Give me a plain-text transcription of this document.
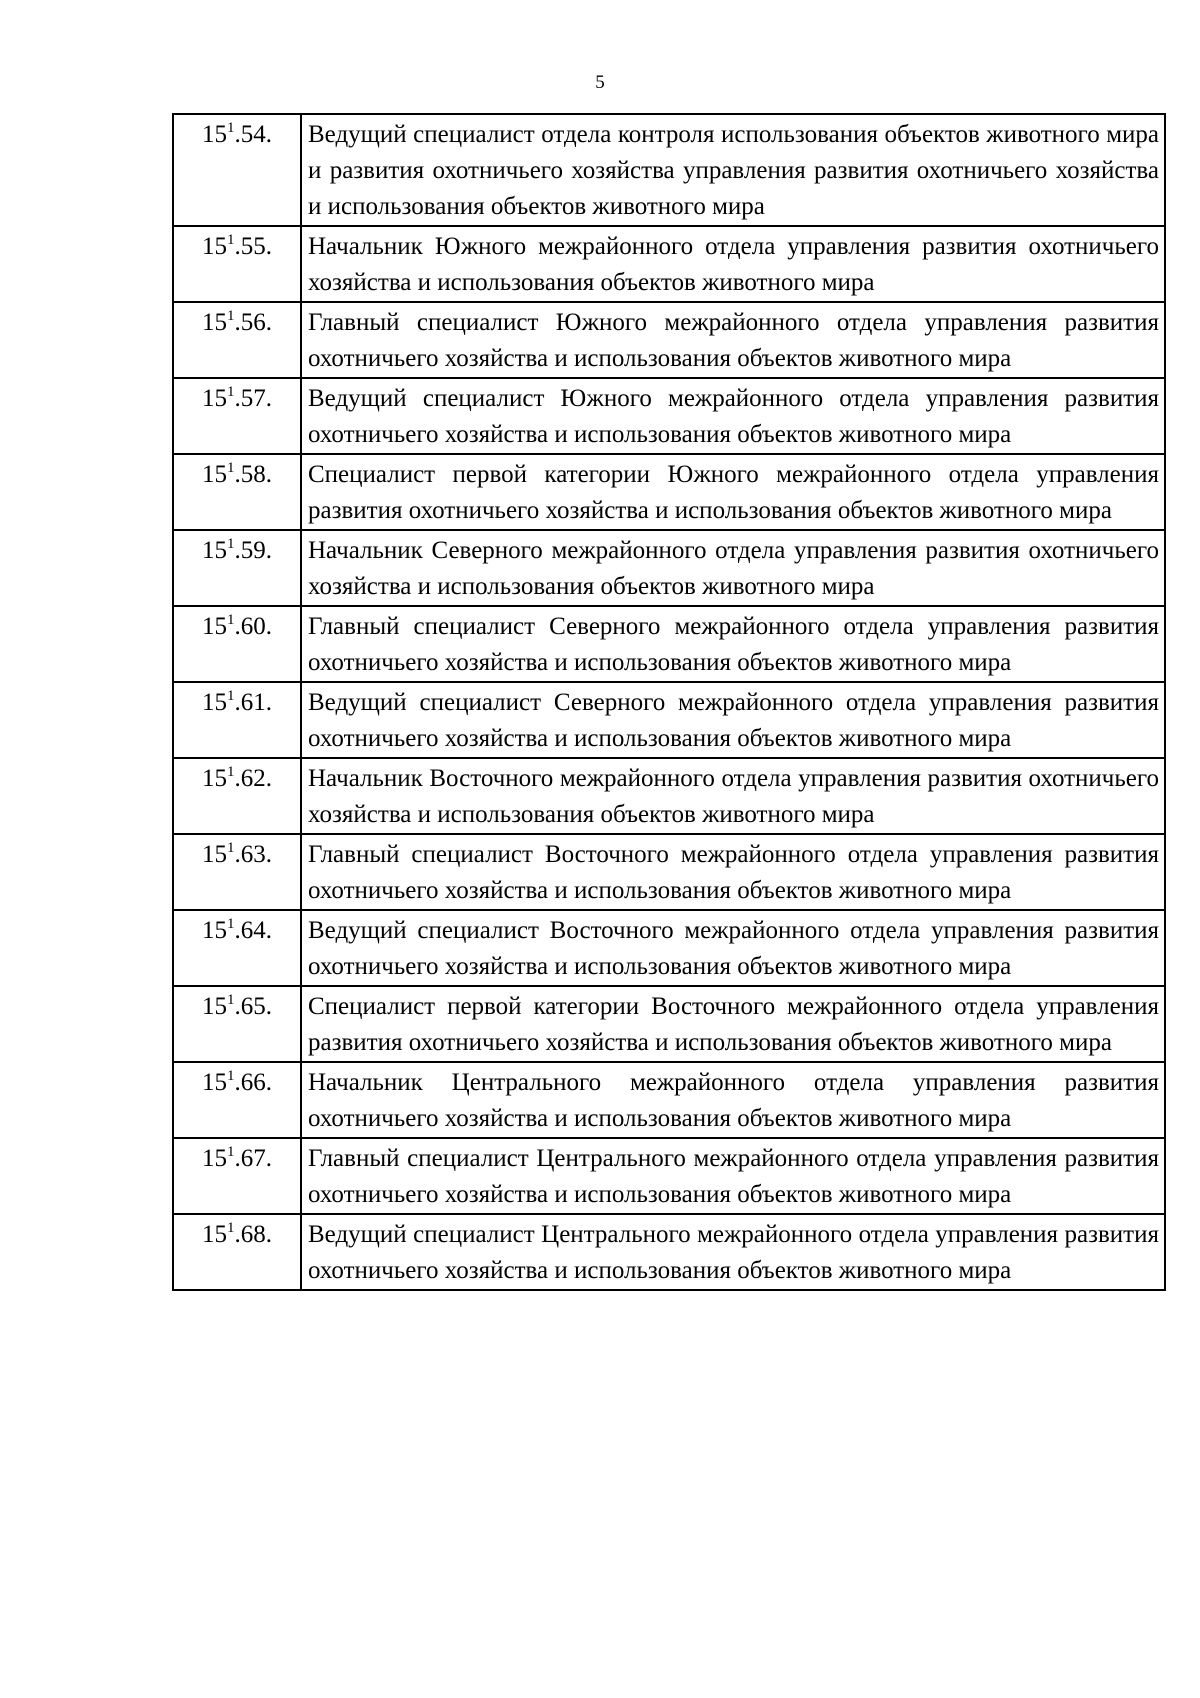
5
$15^1.54$.	Ведущий специалист отдела контроля использования объектов животного мира и развития охотничьего хозяйства управления развития охотничьего хозяйства и использования объектов животного мира
$15^1.55$.	Начальник Южного межрайонного отдела управления развития охотничьего хозяйства и использования объектов животного мира
$15^1.56$.	Главный специалист Южного межрайонного отдела управления развития охотничьего хозяйства и использования объектов животного мира
$15^1.57$.	Ведущий специалист Южного межрайонного отдела управления развития охотничьего хозяйства и использования объектов животного мира
$15^1.58$.	Специалист первой категории Южного межрайонного отдела управления развития охотничьего хозяйства и использования объектов животного мира
$15^1.59$.	Начальник Северного межрайонного отдела управления развития охотничьего хозяйства и использования объектов животного мира
$15^1.60$.	Главный специалист Северного межрайонного отдела управления развития охотничьего хозяйства и использования объектов животного мира
$15^1.61$.	Ведущий специалист Северного межрайонного отдела управления развития охотничьего хозяйства и использования объектов животного мира
$15^1.62$.	Начальник Восточного межрайонного отдела управления развития охотничьего хозяйства и использования объектов животного мира
$15^1.63$.	Главный специалист Восточного межрайонного отдела управления развития охотничьего хозяйства и использования объектов животного мира
$15^1.64$.	Ведущий специалист Восточного межрайонного отдела управления развития охотничьего хозяйства и использования объектов животного мира
$15^1.65$.	Специалист первой категории Восточного межрайонного отдела управления развития охотничьего хозяйства и использования объектов животного мира
$15^1.66$.	Начальник Центрального межрайонного отдела управления развития охотничьего хозяйства и использования объектов животного мира
$15^1.67$.	Главный специалист Центрального межрайонного отдела управления развития охотничьего хозяйства и использования объектов животного мира
$15^1.68$.	Ведущий специалист Центрального межрайонного отдела управления развития охотничьего хозяйства и использования объектов животного мира
